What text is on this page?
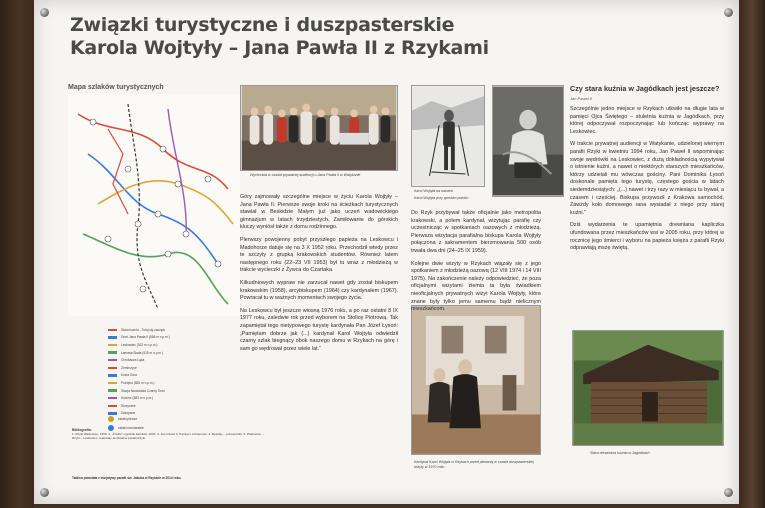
Związki turystyczne i duszpasterskie
Karola Wojtyły – Jana Pawła II z Rzykami
Mapa szlaków turystycznych
Stara kuźnia - Tutaj się zaczęło
Groń Jana Pawła II (886 m n.p.m.)
Leskowiec (922 m n.p.m.)
Łamana Skała (935 m n.p.m.)
Chrobacza Łąka
Zembrzyce
Kozia Góra
Potrójna (883 m n.p.m.)
Stacja Narciarska Czarny Groń
Kocierz (883 m n.p.m.)
Skrzyczne
Zakopane
szlaki piesze
szlaki narciarskie
Bibliografia:
1. Rzyki Wadowice, 1999. 2. „Źródło” tygodnik katolicki, 2004. 3. Jan Paweł II, Pamięć i tożsamość. 4. Beskidy – przewodnik. 5. Wadowice – Rzyki – Leskowiec, materiały archiwalne parafii Rzyki.
Tablica powstała z inicjatywy parafii św. Jakuba w Rzykach w 2014 roku.
Wycieczka w czasie prywatnej audiencji u Jana Pawła II w Watykanie
Karol Wojtyła na nartach
Karol Wojtyła przy gorskim potoku
Kardynał Karol Wojtyła w Rzykach przed plebanią w czasie duszpasterskiej wizyty w 1970 roku
Stara drewniana kuźnia w Jagódkach

Góry zajmowały szczególne miejsce w życiu Karola Wojtyły – Jana Pawła II. Pierwsze swoje kroki na ścieżkach turystycznych stawiał w Beskidzie Małym już jako uczeń wadowickiego gimnazjum w latach trzydziestych. Zamiłowanie do górskich kluczy wyniósł także z domu rodzinnego.

Pierwszy powojenny pobyt przyszłego papieża na Leskowcu i Madohorze datuje się na 3 X 1952 roku. Przechodził wtedy przez te szczyty z grupką krakowskich studentów. Również latem następnego roku (22–23 VII 1953) był tu wraz z młodzieżą w trakcie wycieczki z Żywca do Czartaka.

Kilkudniowych wypraw nie zarzucał nawet gdy został biskupem krakowskim (1958), arcybiskupem (1964) czy kardynałem (1967). Powracał tu w ważnych momentach swojego życia.

Na Leskowcu był jeszcze wiosną 1976 roku, a po raz ostatni 8 IX 1977 roku, zaledwie rok przed wyborem na Stolicę Piotrową. Tak zapamiętał tego nietypowego turystę kardynała Pan Józef Łysoń: „Pamiętam dobrze jak (...) kardynał Karol Wojtyła odwiedził czarny szlak biegnący obok naszego domu w Rzykach na górę i sam go wędrował przez wiele lat.”

Do Rzyk przybywał także oficjalnie jako metropolita krakowski, a potem kardynał, wizytując parafię czy uczestnicząc w spotkaniach oazowych z młodzieżą. Pierwsza wizytacja parafialna biskupa Karola Wojtyły połączona z sakramentem bierzmowania 500 osób trwała dwa dni (24–25 IX 1959).

Kolejne dwie wizyty w Rzykach wiązały się z jego spotkaniem z młodzieżą oazową (12 VIII 1974 i 14 VIII 1975). Na zakończenie należy odpowiedzieć, że poza oficjalnymi wizytami ziemia ta była świadkiem nieoficjalnych prywatnych wizyt Karola Wojtyły, które znane były tylko jemu samemu bądź nielicznym mieszkańcom.

Czy stara kuźnia w Jagódkach jest jeszcze?
Jan Paweł II

Szczególnie jedno miejsce w Rzykach utkwiło na długie lata w pamięci Ojca Świętego – stuletnia kuźnia w Jagódkach, przy której odpoczywał rozpoczynając lub kończąc wyprawy na Leskowiec.

W trakcie prywatnej audiencji w Watykanie, udzielonej wiernym parafii Rzyki w kwietniu 1994 roku, Jan Paweł II wspominając swoje wędrówki na Leskowiec, z dużą dokładnością wypytywał o istnienie kuźni, a nawet o niektórych starszych mieszkańców, którzy udzielali mu wówczas gościny. Pani Dominika Łysoń doskonale pamięta tego turystę, częstego gościa w latach siedemdziesiątych: „(...) nawet i trzy razy w miesiącu tu bywał, a czasem i częściej. Biskupa przywoził z Krakowa samochód. Zawżdy koło domowego rana wysiadał z niego przy starej kuźni.”

Dziś wydarzenia te upamiętnia drewniana kapliczka ufundowana przez mieszkańców wsi w 2005 roku, przy której w rocznicę jego śmierci i wyboru na papieża księża z parafii Rzyki odprawiają mszę świętą.
